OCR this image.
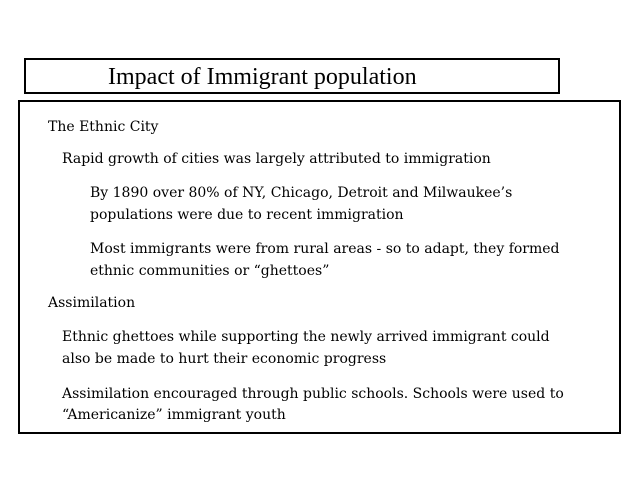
Impact of Immigrant population
The Ethnic City
Rapid growth of cities was largely attributed to immigration
By 1890 over 80% of NY, Chicago, Detroit and Milwaukee’s
populations were due to recent immigration
Most immigrants were from rural areas - so to adapt, they formed
ethnic communities or “ghettoes”
Assimilation
Ethnic ghettoes while supporting the newly arrived immigrant could
also be made to hurt their economic progress
Assimilation encouraged through public schools. Schools were used to
“Americanize” immigrant youth
